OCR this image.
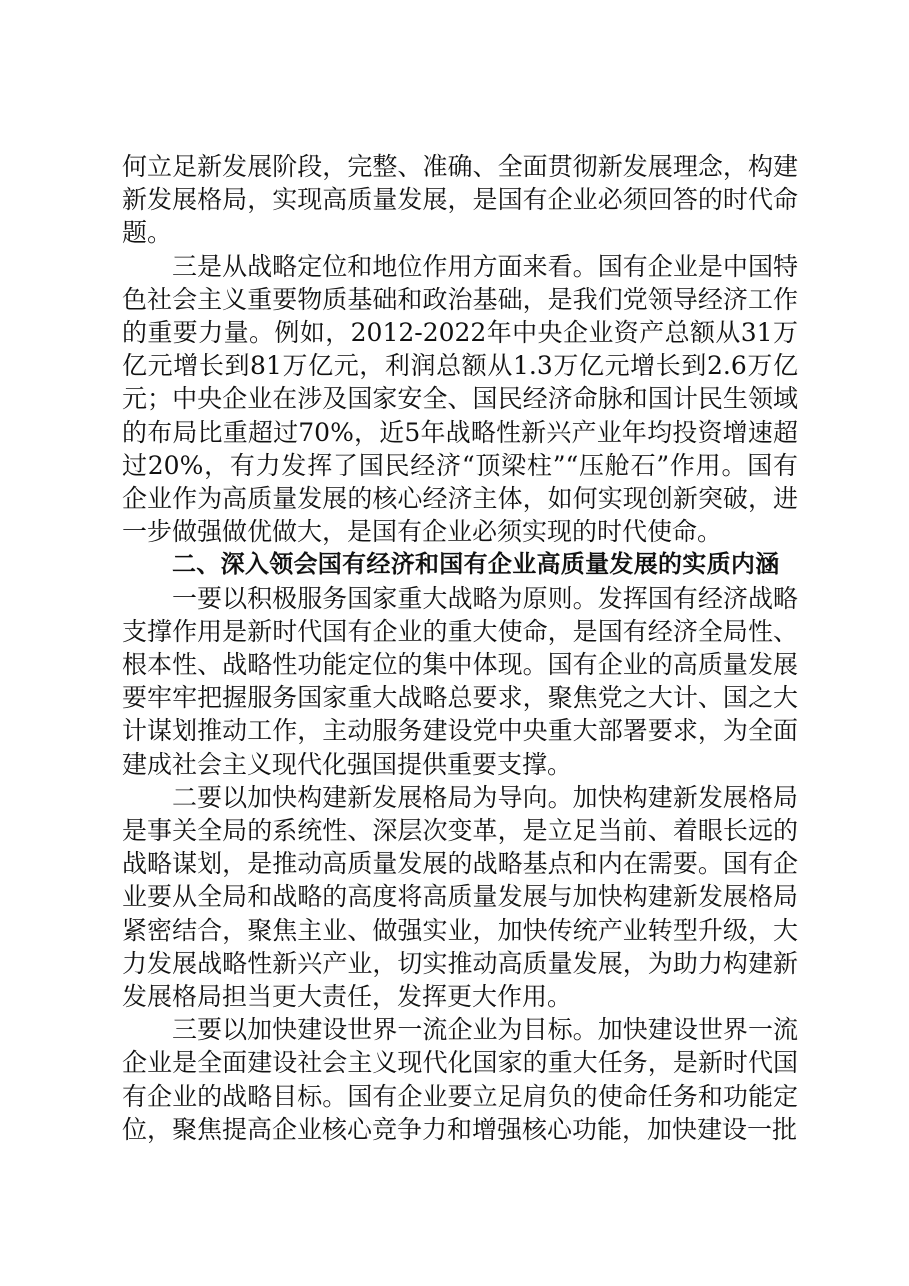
何立足新发展阶段，完整、准确、全面贯彻新发展理念，构建新发展格局，实现高质量发展，是国有企业必须回答的时代命题。

三是从战略定位和地位作用方面来看。国有企业是中国特色社会主义重要物质基础和政治基础，是我们党领导经济工作的重要力量。例如，2012-2022年中央企业资产总额从31万亿元增长到81万亿元，利润总额从1.3万亿元增长到2.6万亿元；中央企业在涉及国家安全、国民经济命脉和国计民生领域的布局比重超过70%，近5年战略性新兴产业年均投资增速超过20%，有力发挥了国民经济“顶梁柱”“压舱石”作用。国有企业作为高质量发展的核心经济主体，如何实现创新突破，进一步做强做优做大，是国有企业必须实现的时代使命。

二、深入领会国有经济和国有企业高质量发展的实质内涵

一要以积极服务国家重大战略为原则。发挥国有经济战略支撑作用是新时代国有企业的重大使命，是国有经济全局性、根本性、战略性功能定位的集中体现。国有企业的高质量发展要牢牢把握服务国家重大战略总要求，聚焦党之大计、国之大计谋划推动工作，主动服务建设党中央重大部署要求，为全面建成社会主义现代化强国提供重要支撑。

二要以加快构建新发展格局为导向。加快构建新发展格局是事关全局的系统性、深层次变革，是立足当前、着眼长远的战略谋划，是推动高质量发展的战略基点和内在需要。国有企业要从全局和战略的高度将高质量发展与加快构建新发展格局紧密结合，聚焦主业、做强实业，加快传统产业转型升级，大力发展战略性新兴产业，切实推动高质量发展，为助力构建新发展格局担当更大责任，发挥更大作用。

三要以加快建设世界一流企业为目标。加快建设世界一流企业是全面建设社会主义现代化国家的重大任务，是新时代国有企业的战略目标。国有企业要立足肩负的使命任务和功能定位，聚焦提高企业核心竞争力和增强核心功能，加快建设一批
